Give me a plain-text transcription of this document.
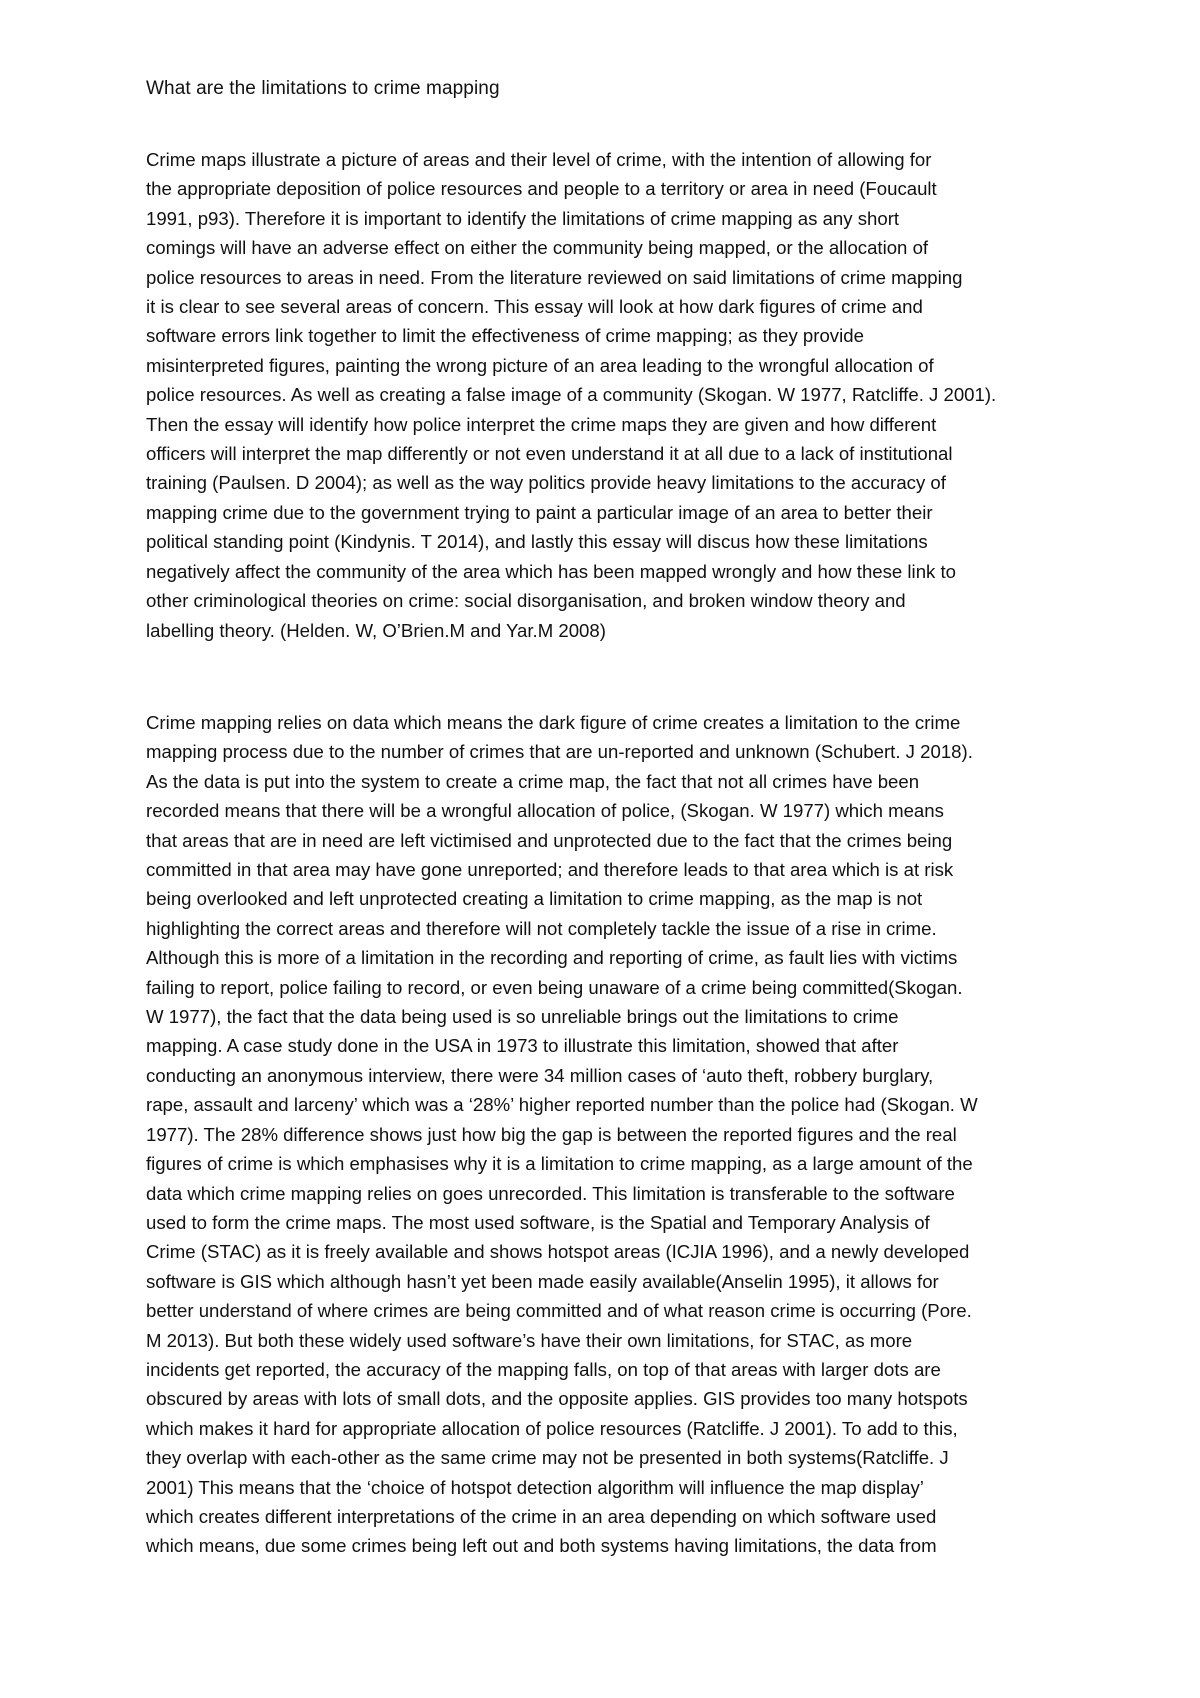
What are the limitations to crime mapping

Crime maps illustrate a picture of areas and their level of crime, with the intention of allowing for
the appropriate deposition of police resources and people to a territory or area in need (Foucault
1991, p93). Therefore it is important to identify the limitations of crime mapping as any short
comings will have an adverse effect on either the community being mapped, or the allocation of
police resources to areas in need. From the literature reviewed on said limitations of crime mapping
it is clear to see several areas of concern. This essay will look at how dark figures of crime and
software errors link together to limit the effectiveness of crime mapping; as they provide
misinterpreted figures, painting the wrong picture of an area leading to the wrongful allocation of
police resources. As well as creating a false image of a community (Skogan. W 1977, Ratcliffe. J 2001).
Then the essay will identify how police interpret the crime maps they are given and how different
officers will interpret the map differently or not even understand it at all due to a lack of institutional
training (Paulsen. D 2004); as well as the way politics provide heavy limitations to the accuracy of
mapping crime due to the government trying to paint a particular image of an area to better their
political standing point (Kindynis. T 2014), and lastly this essay will discus how these limitations
negatively affect the community of the area which has been mapped wrongly and how these link to
other criminological theories on crime: social disorganisation, and broken window theory and
labelling theory. (Helden. W, O’Brien.M and Yar.M 2008)

Crime mapping relies on data which means the dark figure of crime creates a limitation to the crime
mapping process due to the number of crimes that are un-reported and unknown (Schubert. J 2018).
As the data is put into the system to create a crime map, the fact that not all crimes have been
recorded means that there will be a wrongful allocation of police, (Skogan. W 1977) which means
that areas that are in need are left victimised and unprotected due to the fact that the crimes being
committed in that area may have gone unreported; and therefore leads to that area which is at risk
being overlooked and left unprotected creating a limitation to crime mapping, as the map is not
highlighting the correct areas and therefore will not completely tackle the issue of a rise in crime.
Although this is more of a limitation in the recording and reporting of crime, as fault lies with victims
failing to report, police failing to record, or even being unaware of a crime being committed(Skogan.
W 1977), the fact that the data being used is so unreliable brings out the limitations to crime
mapping. A case study done in the USA in 1973 to illustrate this limitation, showed that after
conducting an anonymous interview, there were 34 million cases of ‘auto theft, robbery burglary,
rape, assault and larceny’ which was a ‘28%’ higher reported number than the police had (Skogan. W
1977). The 28% difference shows just how big the gap is between the reported figures and the real
figures of crime is which emphasises why it is a limitation to crime mapping, as a large amount of the
data which crime mapping relies on goes unrecorded. This limitation is transferable to the software
used to form the crime maps. The most used software, is the Spatial and Temporary Analysis of
Crime (STAC) as it is freely available and shows hotspot areas (ICJIA 1996), and a newly developed
software is GIS which although hasn’t yet been made easily available(Anselin 1995), it allows for
better understand of where crimes are being committed and of what reason crime is occurring (Pore.
M 2013). But both these widely used software’s have their own limitations, for STAC, as more
incidents get reported, the accuracy of the mapping falls, on top of that areas with larger dots are
obscured by areas with lots of small dots, and the opposite applies. GIS provides too many hotspots
which makes it hard for appropriate allocation of police resources (Ratcliffe. J 2001). To add to this,
they overlap with each-other as the same crime may not be presented in both systems(Ratcliffe. J
2001) This means that the ‘choice of hotspot detection algorithm will influence the map display’
which creates different interpretations of the crime in an area depending on which software used
which means, due some crimes being left out and both systems having limitations, the data from
